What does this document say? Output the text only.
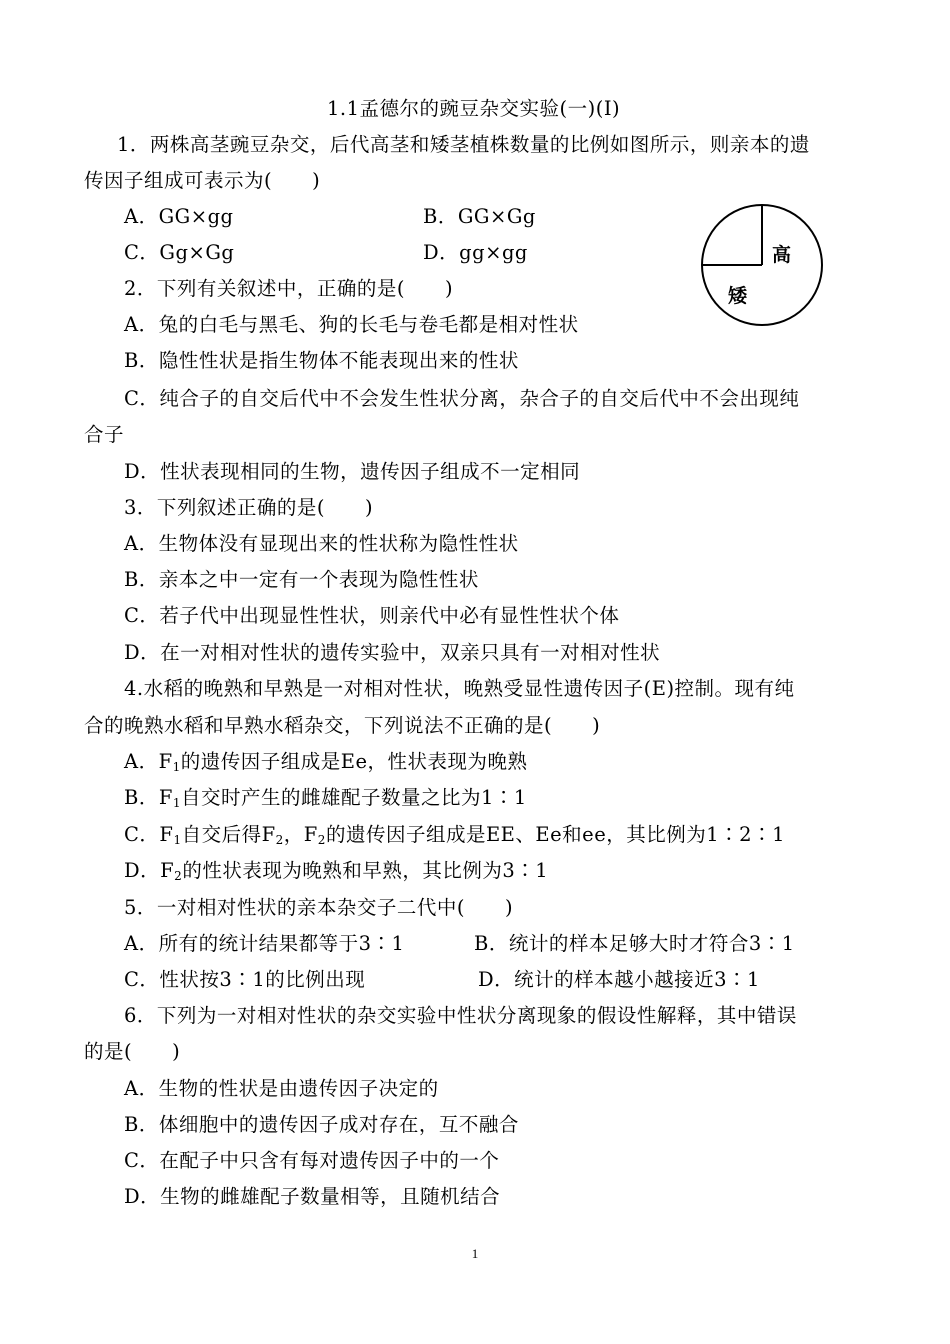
1.1孟德尔的豌豆杂交实验(一)(I)
1．两株高茎豌豆杂交，后代高茎和矮茎植株数量的比例如图所示，则亲本的遗
传因子组成可表示为(　　)
A．GG×gg	B．GG×Gg
C．Gg×Gg	D．gg×gg	高
矮
2．下列有关叙述中，正确的是(　　)
A．兔的白毛与黑毛、狗的长毛与卷毛都是相对性状
B．隐性性状是指生物体不能表现出来的性状
C．纯合子的自交后代中不会发生性状分离，杂合子的自交后代中不会出现纯
合子
D．性状表现相同的生物，遗传因子组成不一定相同
3．下列叙述正确的是(　　)
A．生物体没有显现出来的性状称为隐性性状
B．亲本之中一定有一个表现为隐性性状
C．若子代中出现显性性状，则亲代中必有显性性状个体
D．在一对相对性状的遗传实验中，双亲只具有一对相对性状
4.水稻的晚熟和早熟是一对相对性状，晚熟受显性遗传因子(E)控制。现有纯
合的晚熟水稻和早熟水稻杂交，下列说法不正确的是(　　)
A．$F_1$的遗传因子组成是Ee，性状表现为晚熟
B．$F_1$自交时产生的雌雄配子数量之比为1∶1
C．$F_1$自交后得$F_2$，$F_2$的遗传因子组成是EE、Ee和ee，其比例为1∶2∶1
D．$F_2$的性状表现为晚熟和早熟，其比例为3∶1
5．一对相对性状的亲本杂交子二代中(　　)
A．所有的统计结果都等于3∶1	B．统计的样本足够大时才符合3∶1
C．性状按3∶1的比例出现	D．统计的样本越小越接近3∶1
6．下列为一对相对性状的杂交实验中性状分离现象的假设性解释，其中错误
的是(　　)
A．生物的性状是由遗传因子决定的
B．体细胞中的遗传因子成对存在，互不融合
C．在配子中只含有每对遗传因子中的一个
D．生物的雌雄配子数量相等，且随机结合
1
